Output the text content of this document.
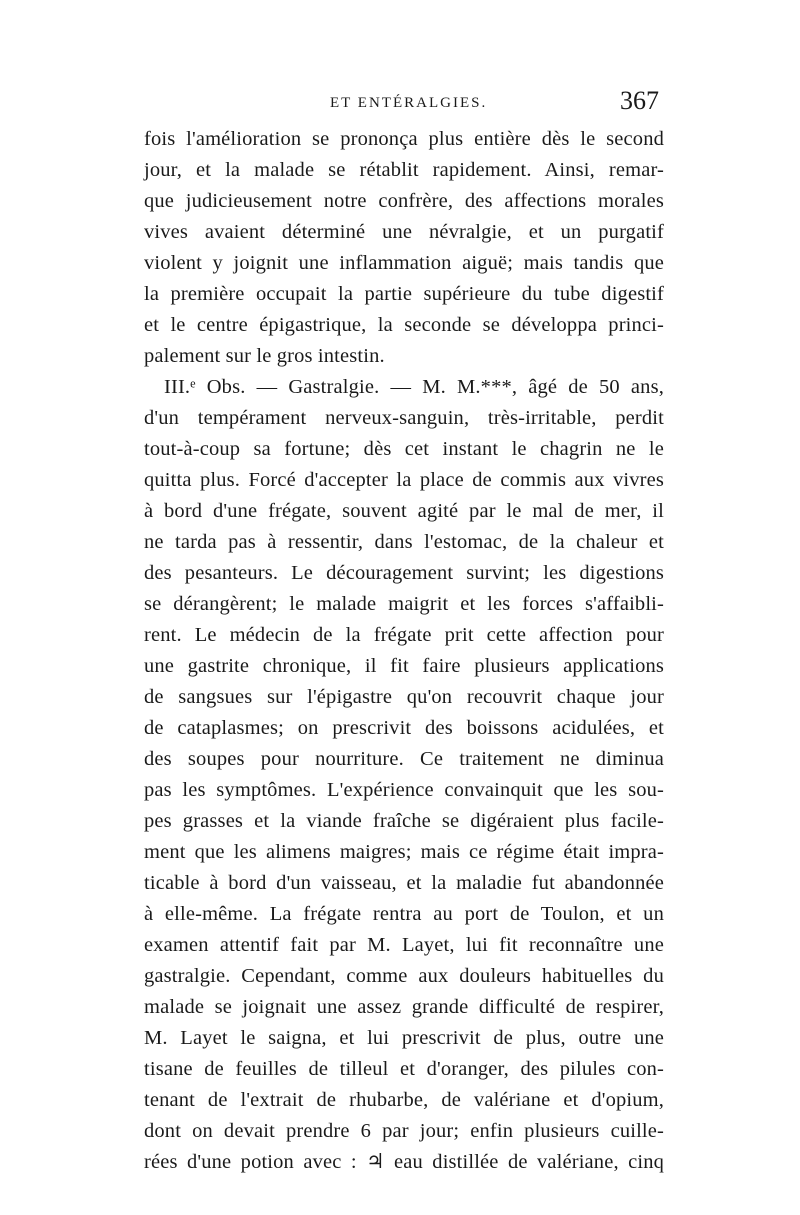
ET ENTÉRALGIES.	367
fois l'amélioration se prononça plus entière dès le second
jour, et la malade se rétablit rapidement. Ainsi, remar-
que judicieusement notre confrère, des affections morales
vives avaient déterminé une névralgie, et un purgatif
violent y joignit une inflammation aiguë; mais tandis que
la première occupait la partie supérieure du tube digestif
et le centre épigastrique, la seconde se développa princi-
palement sur le gros intestin.
III.ᵉ Obs. — Gastralgie. — M. M.***, âgé de 50 ans,
d'un tempérament nerveux-sanguin, très-irritable, perdit
tout-à-coup sa fortune; dès cet instant le chagrin ne le
quitta plus. Forcé d'accepter la place de commis aux vivres
à bord d'une frégate, souvent agité par le mal de mer, il
ne tarda pas à ressentir, dans l'estomac, de la chaleur et
des pesanteurs. Le découragement survint; les digestions
se dérangèrent; le malade maigrit et les forces s'affaibli-
rent. Le médecin de la frégate prit cette affection pour
une gastrite chronique, il fit faire plusieurs applications
de sangsues sur l'épigastre qu'on recouvrit chaque jour
de cataplasmes; on prescrivit des boissons acidulées, et
des soupes pour nourriture. Ce traitement ne diminua
pas les symptômes. L'expérience convainquit que les sou-
pes grasses et la viande fraîche se digéraient plus facile-
ment que les alimens maigres; mais ce régime était impra-
ticable à bord d'un vaisseau, et la maladie fut abandonnée
à elle-même. La frégate rentra au port de Toulon, et un
examen attentif fait par M. Layet, lui fit reconnaître une
gastralgie. Cependant, comme aux douleurs habituelles du
malade se joignait une assez grande difficulté de respirer,
M. Layet le saigna, et lui prescrivit de plus, outre une
tisane de feuilles de tilleul et d'oranger, des pilules con-
tenant de l'extrait de rhubarbe, de valériane et d'opium,
dont on devait prendre 6 par jour; enfin plusieurs cuille-
rées d'une potion avec : ♃ eau distillée de valériane, cinq
